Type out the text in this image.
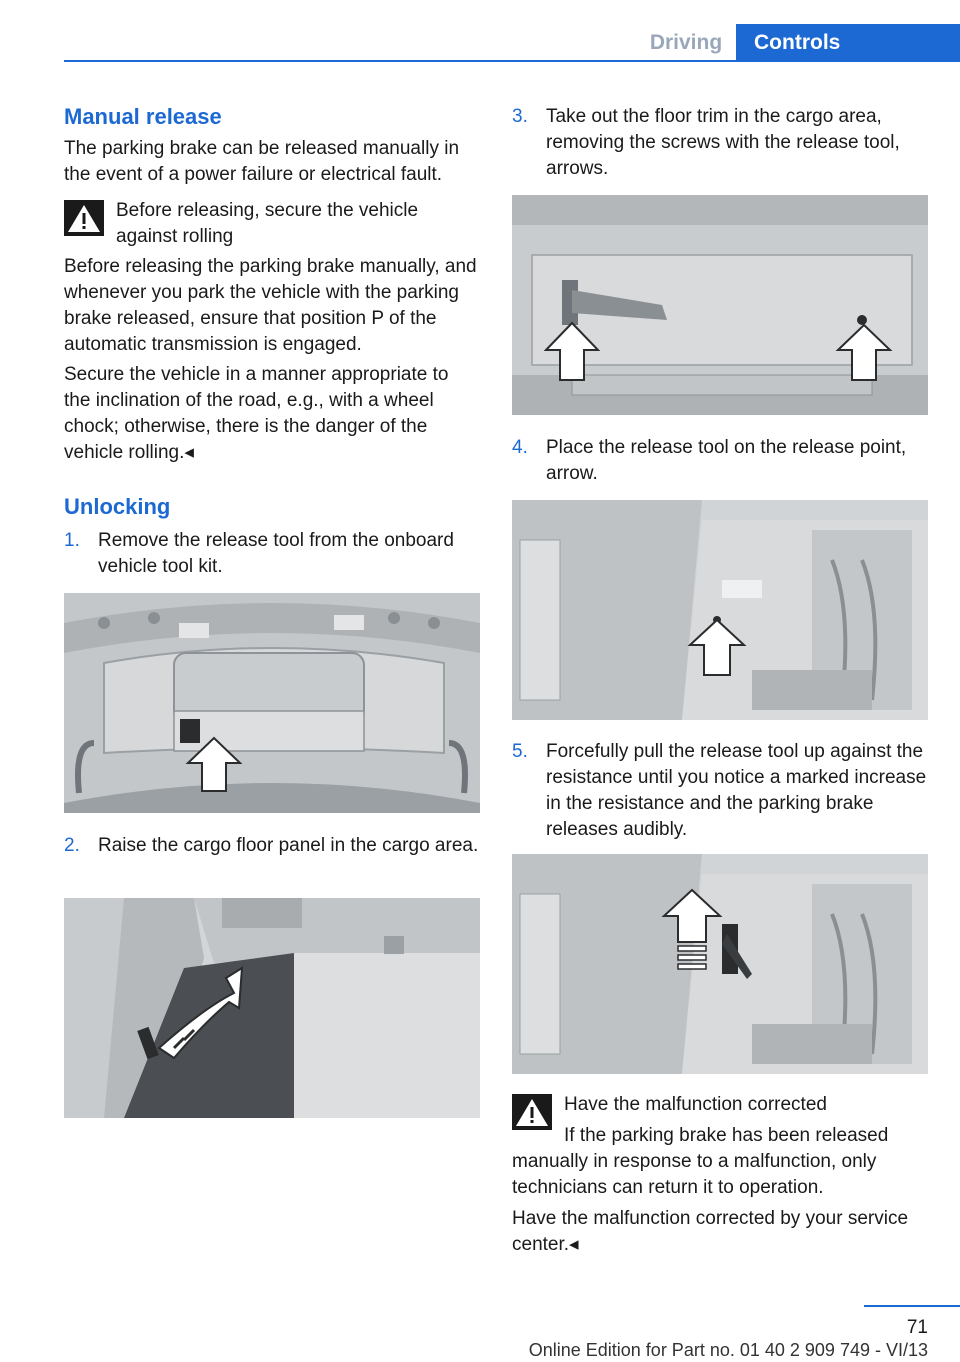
Driving	Controls
Manual release
The parking brake can be released manually in the event of a power failure or electrical fault.
Before releasing, secure the vehicle against rolling
Before releasing the parking brake manually, and whenever you park the vehicle with the parking brake released, ensure that position P of the automatic transmission is engaged.
Secure the vehicle in a manner appropriate to the inclination of the road, e.g., with a wheel chock; otherwise, there is the danger of the vehicle rolling.◂
Unlocking
1. Remove the release tool from the onboard vehicle tool kit.
2. Raise the cargo floor panel in the cargo area.
3. Take out the floor trim in the cargo area, removing the screws with the release tool, arrows.
4. Place the release tool on the release point, arrow.
5. Forcefully pull the release tool up against the resistance until you notice a marked increase in the resistance and the parking brake releases audibly.
Have the malfunction corrected
If the parking brake has been released manually in response to a malfunction, only technicians can return it to operation.
Have the malfunction corrected by your service center.◂
71
Online Edition for Part no. 01 40 2 909 749 - VI/13
